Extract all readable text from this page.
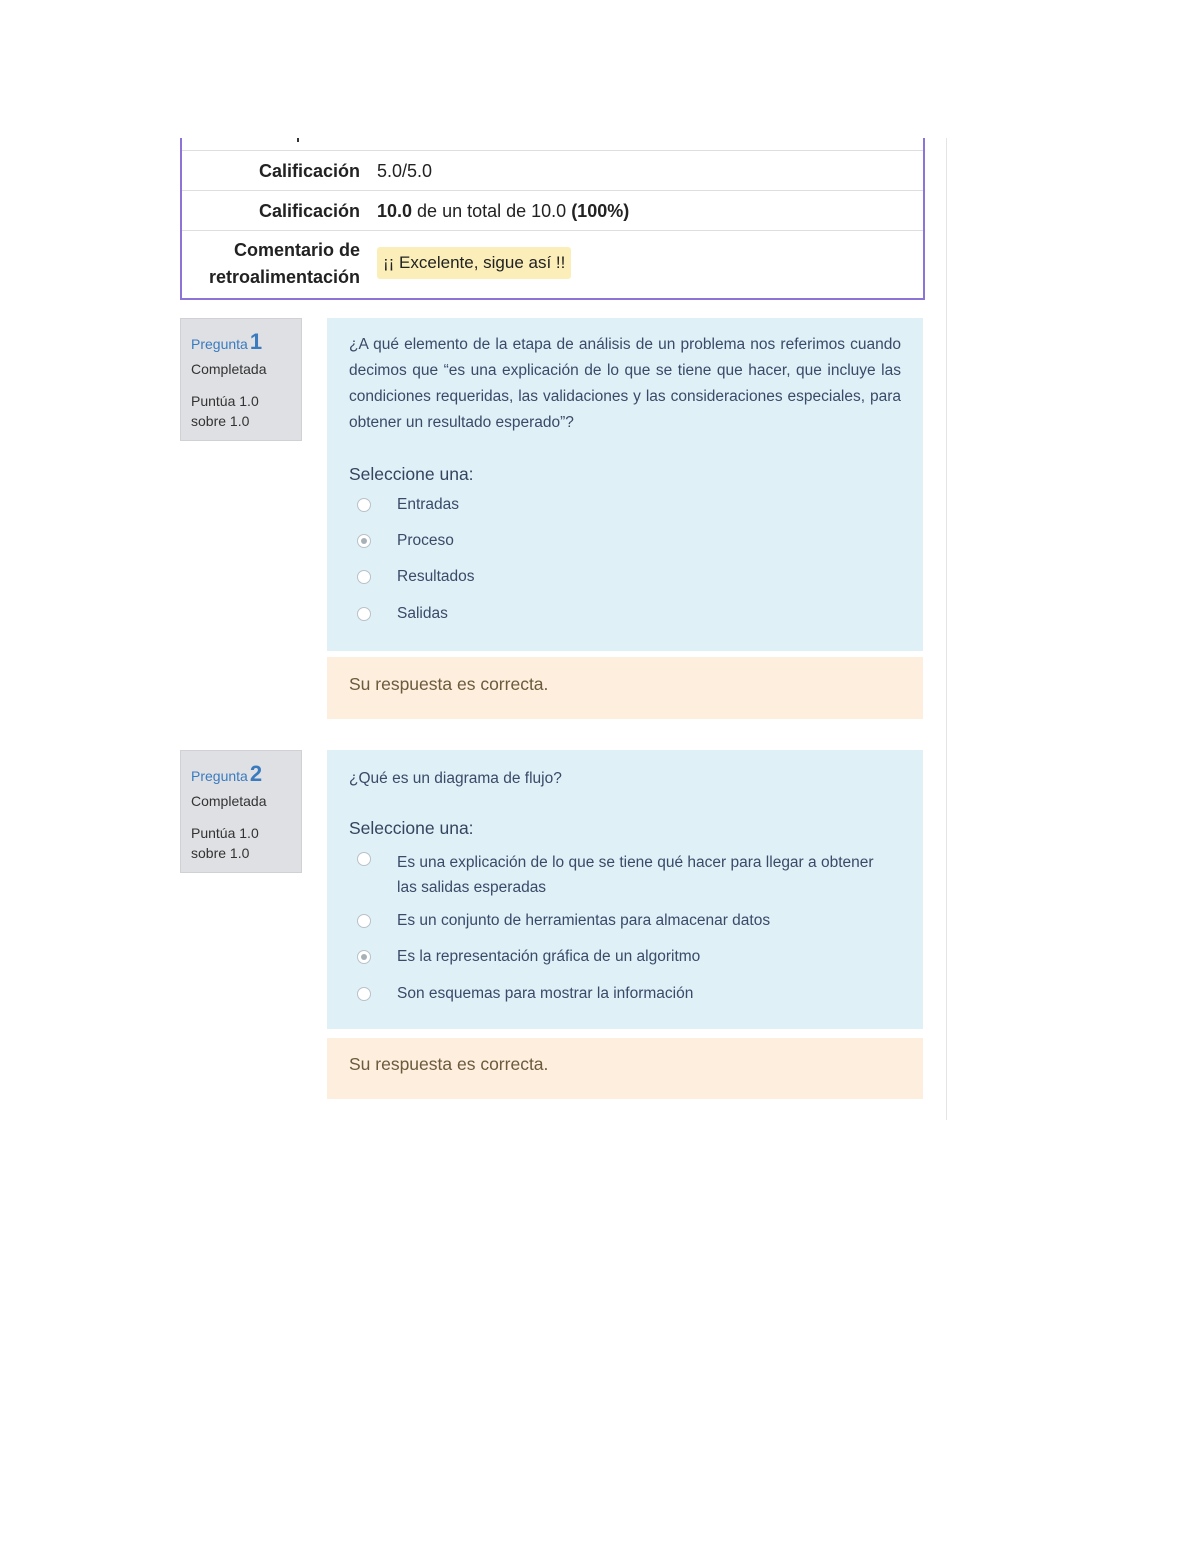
Calificación 5.0/5.0
Calificación 10.0 de un total de 10.0 (100%)
Comentario de
retroalimentación
¡¡ Excelente, sigue así !!
Pregunta1
Completada
Puntúa 1.0
sobre 1.0
¿A qué elemento de la etapa de análisis de un problema nos referimos cuando decimos que “es una explicación de lo que se tiene que hacer, que incluye las condiciones requeridas, las validaciones y las consideraciones especiales, para obtener un resultado esperado”?
Seleccione una:
Entradas
Proceso
Resultados
Salidas
Su respuesta es correcta.
Pregunta2
Completada
Puntúa 1.0
sobre 1.0
¿Qué es un diagrama de flujo?
Seleccione una:
Es una explicación de lo que se tiene qué hacer para llegar a obtener las salidas esperadas
Es un conjunto de herramientas para almacenar datos
Es la representación gráfica de un algoritmo
Son esquemas para mostrar la información
Su respuesta es correcta.
